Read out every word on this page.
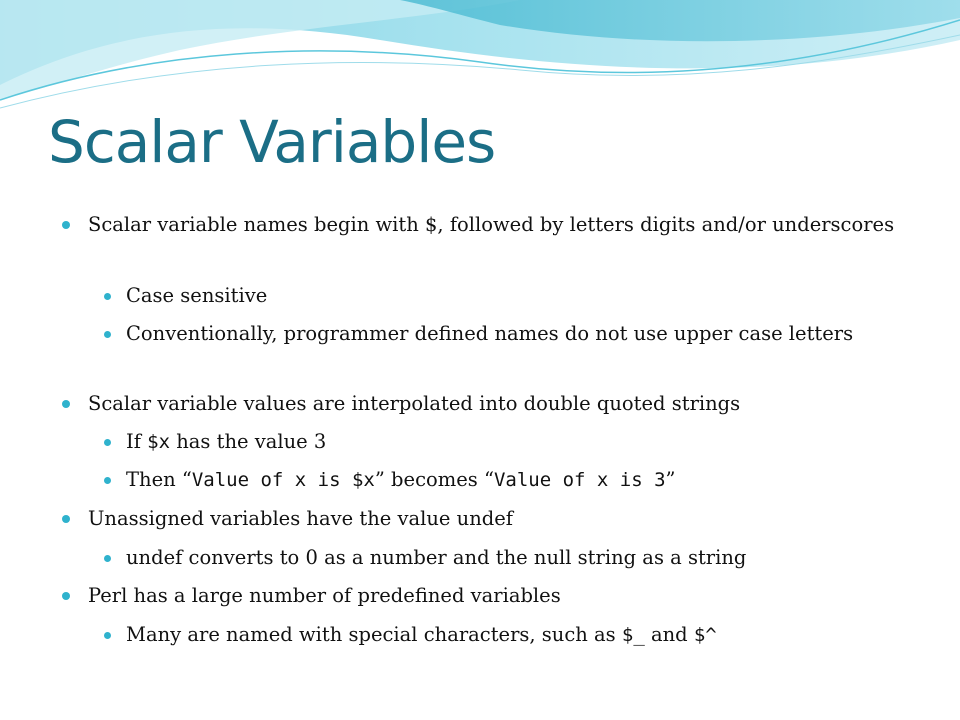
Scalar Variables
Scalar variable names begin with $, followed by letters digits and/or underscores
Case sensitive
Conventionally, programmer defined names do not use upper case letters
Scalar variable values are interpolated into double quoted strings
If $x has the value 3
Then “Value of x is $x” becomes “Value of x is 3”
Unassigned variables have the value undef
undef converts to 0 as a number and the null string as a string
Perl has a large number of predefined variables
Many are named with special characters, such as $_ and $^
